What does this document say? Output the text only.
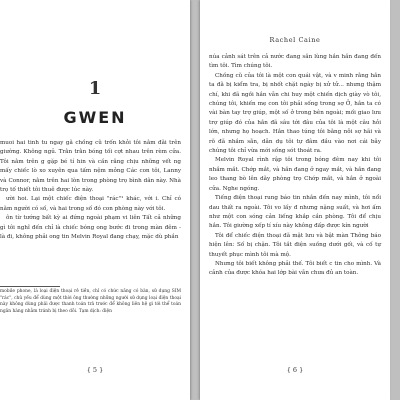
1
GWEN

muoi hai tinh tu ngay gã chồng cũ trốn khỏi tôi nằm đãi trên giường. Không ngủ. Trằn trằn bóng tối cợt nhau trên rèm cửa. Tôi nằm trên g gặp bé tí hin và cần răng chịu những vết ng mấy chiếc lò xo xuyên qua tấm nệm mỏng Các con tôi, Lanny và Connor, nằm trên hai lòn trong phòng trọ bình dân này. Nhà trọ tố thiết tôi thuê được lúc này.

ười hoi. Lại một chiếc điện thoại "rác"¹ khác, với i. Chỉ có năm người có số, và hai trong số đó con phòng này với tôi.

ôn từ tướng bất kỳ ai đứng ngoài phạm vi liên Tất cả những gì tôi nghĩ đến chỉ là chiếc bóng ong bước đi trong màn đêm - là đi, không phải ong tin Melvin Royal đang chạy, mặc dù phần

mobile phone, là loại điện thoại rẻ tiền, chỉ có chức năng có bàn, sử dụng SIM "rác", chủ yếu để dùng một thời ông thường những người sử dụng loại điện thoại này không dùng phải được thanh toán trả trước để không liên hệ gì tới thể toán ngân hàng nhằm tránh bị theo dõi. Tạm dịch: điện

{ 5 }

Rachel Caine

núa cảnh sát trên cả nước đang săn lùng hắn hắn đang đến tìm tôi. Tìm chúng tôi.

Chồng cũ của tôi là một con quái vật, và v minh rằng hắn ta đã bị kiểm tra, bị nhốt chặt ngày bị xử tử... nhưng thậm chí, khi đã ngồi hắn vẫn chi huy một chiến dịch giày vò tôi, chúng tôi, khiến mẹ con tôi phải sống trong sợ Ở, hắn ta có vài bàn tay trợ giúp, một số ở trong bên ngoài; mối giao lưu trợ giúp đó của hắn đã sâu tới đâu của tôi là một câu hỏi lớn, nhưng họ hoạch. Hắn thao túng tôi bằng nỗi sợ hãi và rõ đã nhắm sẵn, dẫn dụ tôi tự đâm đầu vào nơi cái bẫy chúng tôi chỉ vừa mới sống sót thoát ra.

Melvin Royal rình rập tôi trong bóng đêm nay khi tôi nhắm mắt. Chớp mắt, và hắn đang ở ngay mắt, và hắn đang leo thang bò lên dãy phòng trọ Chớp mắt, và hắn ở ngoài cửa. Nghe ngóng.

Tiếng điện thoại rung báo tin nhắn đến nay mình, tôi nổi dau thất ra ngoài. Tôi vo lấy đ nhưng nặng suất, và hơi ấm như một con sóng cản liếng khắp cần phòng. Tôi để chịu hắn. Tôi giường xếp tí xíu này không đấp được kín người

Tôi để chiếc điện thoại đã mặt lưu và bật màn Thông báo hiện lên: Số bị chặn. Tôi tắt điện suồng dưới gối, và cố tự thuyết phục mình tôi mà mộ.

Nhưng tôi biết không phải thế. Tôi biết c tin cho mình. Và cảnh của được khóa hai lớp bài vẫn chưa đủ an toàn.

{ 6 }
